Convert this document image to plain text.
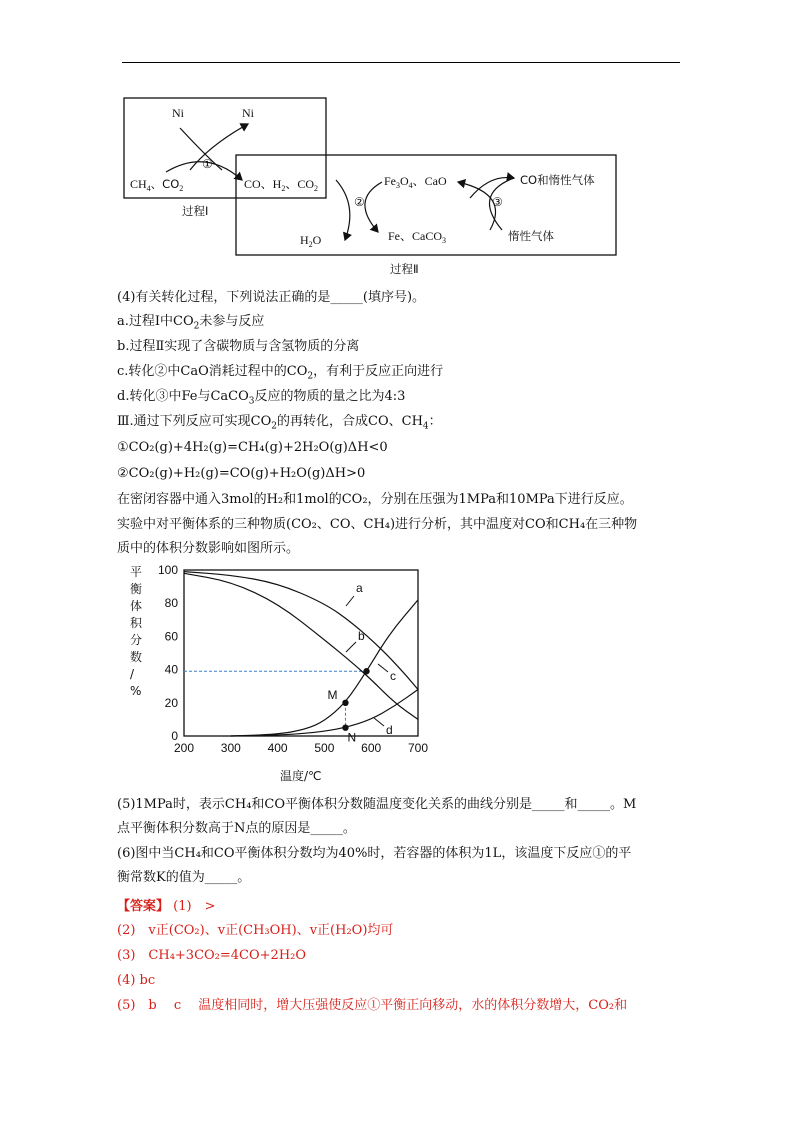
Ni	Ni
①
$CH_4$、$CO_2$	CO、$H_2$、$CO_2$
过程Ⅰ
②
$Fe_3O_4$、CaO
$H_2O$	Fe、CaCO$_3$
③
CO和惰性气体
惰性气体
过程Ⅱ
(4)有关转化过程，下列说法正确的是_____(填序号)。
a.过程Ⅰ中$CO_2$未参与反应
b.过程Ⅱ实现了含碳物质与含氢物质的分离
c.转化②中CaO消耗过程中的$CO_2$，有利于反应正向进行
d.转化③中Fe与CaCO$_3$反应的物质的量之比为4:3
Ⅲ.通过下列反应可实现$CO_2$的再转化，合成CO、$CH_4$：
①CO₂(g)+4H₂(g)=CH₄(g)+2H₂O(g)ΔH<0
②CO₂(g)+H₂(g)=CO(g)+H₂O(g)ΔH>0
在密闭容器中通入3mol的H₂和1mol的CO₂，分别在压强为1MPa和10MPa下进行反应。
实验中对平衡体系的三种物质(CO₂、CO、CH₄)进行分析，其中温度对CO和CH₄在三种物
质中的体积分数影响如图所示。
平衡体积分数/ %
200 300 400 500 600 700
0
20
40
60
80
100
M
N
a
b
c
d
温度/℃
(5)1MPa时，表示CH₄和CO平衡体积分数随温度变化关系的曲线分别是_____和_____。M
点平衡体积分数高于N点的原因是_____。
(6)图中当CH₄和CO平衡体积分数均为40%时，若容器的体积为1L，该温度下反应①的平
衡常数K的值为_____。
【答案】 (1)　>
(2)　v正(CO₂)、v正(CH₃OH)、v正(H₂O)均可
(3)　CH₄+3CO₂=4CO+2H₂O
(4) bc
(5)　b　 c　 温度相同时，增大压强使反应①平衡正向移动，水的体积分数增大，CO₂和
